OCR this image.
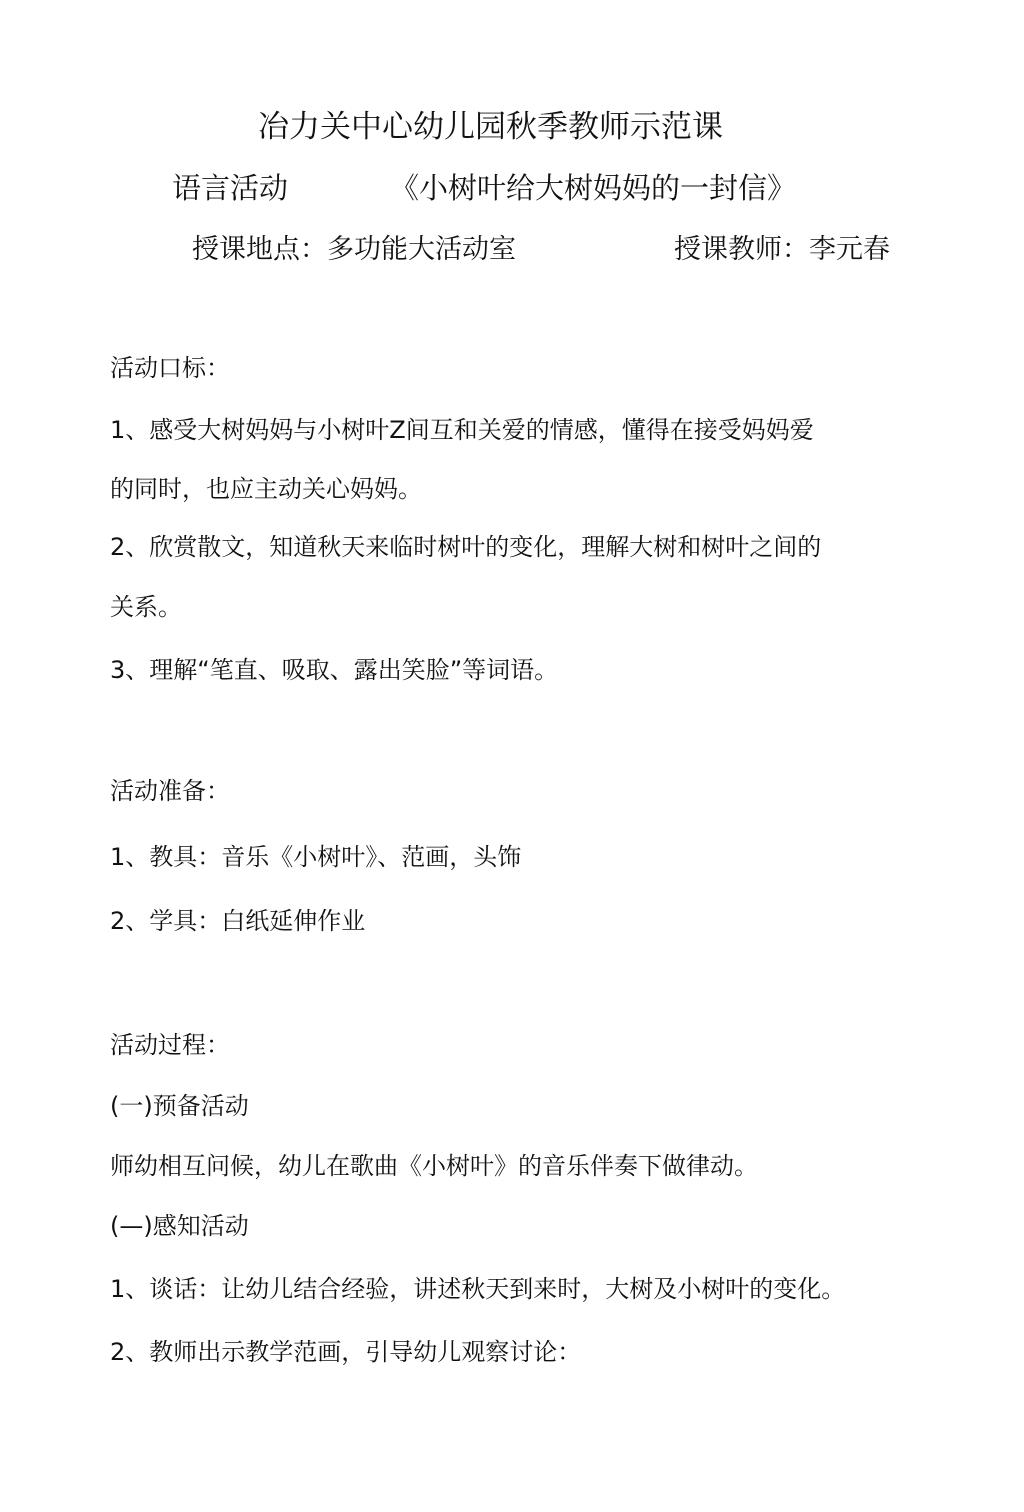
冶力关中心幼儿园秋季教师示范课
语言活动	《小树叶给大树妈妈的一封信》
授课地点：多功能大活动室	授课教师：李元春
活动口标：
1、感受大树妈妈与小树叶Z间互和关爱的情感，懂得在接受妈妈爱
的同时，也应主动关心妈妈。
2、欣赏散文，知道秋天来临时树叶的变化，理解大树和树叶之间的
关系。
3、理解“笔直、吸取、露出笑脸”等词语。
活动准备：
1、教具：音乐《小树叶》、范画，头饰
2、学具：白纸延伸作业
活动过程：
(一)预备活动
师幼相互问候，幼儿在歌曲《小树叶》的音乐伴奏下做律动。
(—)感知活动
1、谈话：让幼儿结合经验，讲述秋天到来时，大树及小树叶的变化。
2、教师出示教学范画，引导幼儿观察讨论：
